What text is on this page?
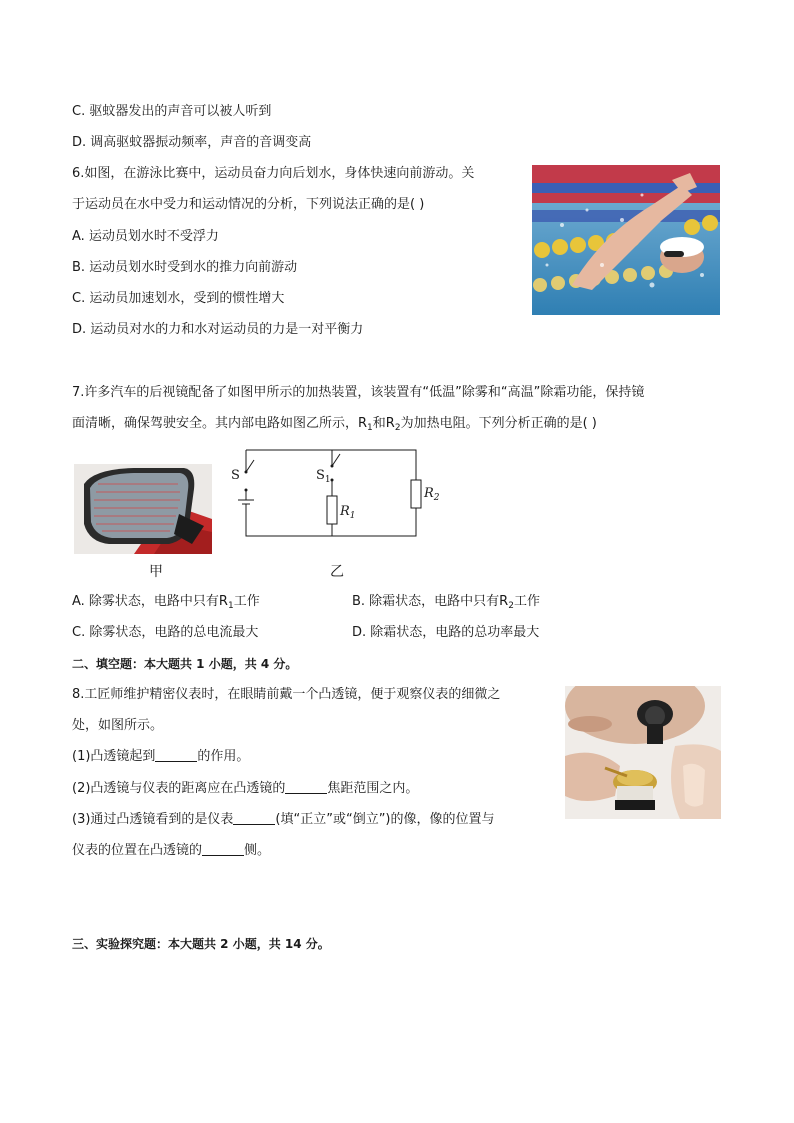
C. 驱蚊器发出的声音可以被人听到
D. 调高驱蚊器振动频率，声音的音调变高
6.如图，在游泳比赛中，运动员奋力向后划水，身体快速向前游动。关
于运动员在水中受力和运动情况的分析，下列说法正确的是( )
A. 运动员划水时不受浮力
B. 运动员划水时受到水的推力向前游动
C. 运动员加速划水，受到的惯性增大
D. 运动员对水的力和水对运动员的力是一对平衡力
7.许多汽车的后视镜配备了如图甲所示的加热装置，该装置有“低温”除雾和“高温”除霜功能，保持镜
面清晰，确保驾驶安全。其内部电路如图乙所示，$R_1$和$R_2$为加热电阻。下列分析正确的是( )
甲
S	$S_1$
$R_1$
$R_2$
乙
A. 除雾状态，电路中只有$R_1$工作	B. 除霜状态，电路中只有$R_2$工作
C. 除雾状态，电路的总电流最大	D. 除霜状态，电路的总功率最大
二、填空题：本大题共 1 小题，共 4 分。
8.工匠师维护精密仪表时，在眼睛前戴一个凸透镜，便于观察仪表的细微之
处，如图所示。
(1)凸透镜起到	的作用。
(2)凸透镜与仪表的距离应在凸透镜的	焦距范围之内。
(3)通过凸透镜看到的是仪表	(填“正立”或“倒立”)的像，像的位置与
仪表的位置在凸透镜的	侧。
三、实验探究题：本大题共 2 小题，共 14 分。
